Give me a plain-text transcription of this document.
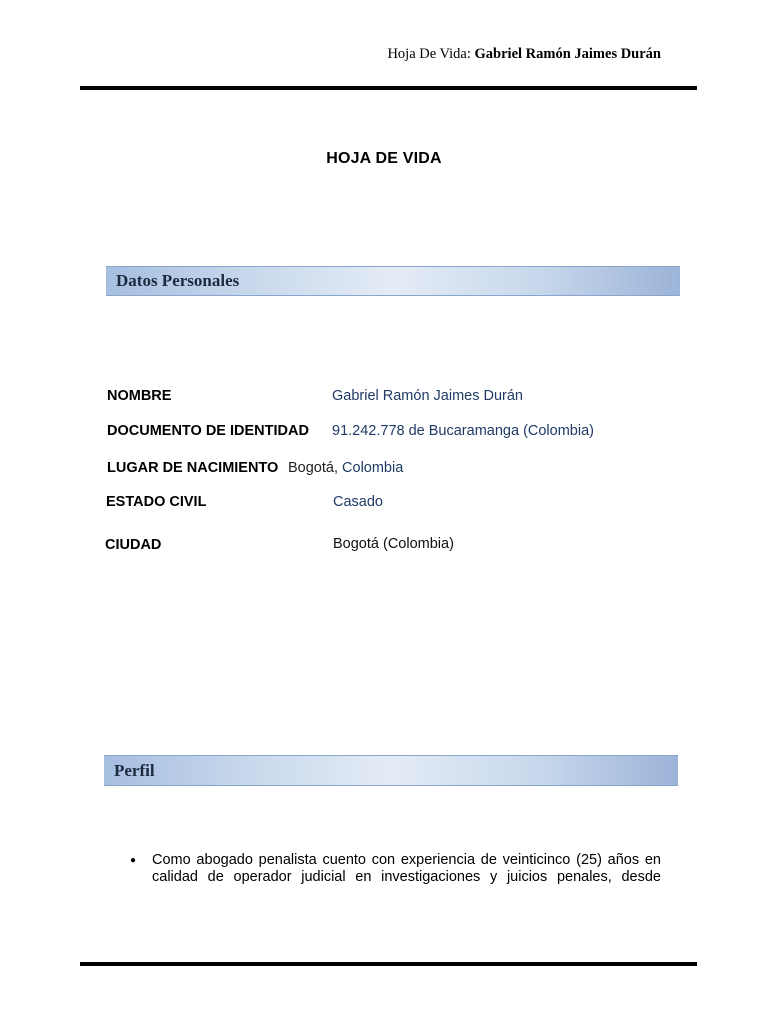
Hoja De Vida: Gabriel Ramón Jaimes Durán
HOJA DE VIDA
Datos Personales
NOMBRE	Gabriel Ramón Jaimes Durán
DOCUMENTO DE IDENTIDAD 91.242.778 de Bucaramanga (Colombia)
LUGAR DE NACIMIENTO Bogotá, Colombia
ESTADO CIVIL	Casado
CIUDAD	Bogotá (Colombia)
Perfil
● Como abogado penalista cuento con experiencia de veinticinco (25) años en calidad de operador judicial en investigaciones y juicios penales, desde
